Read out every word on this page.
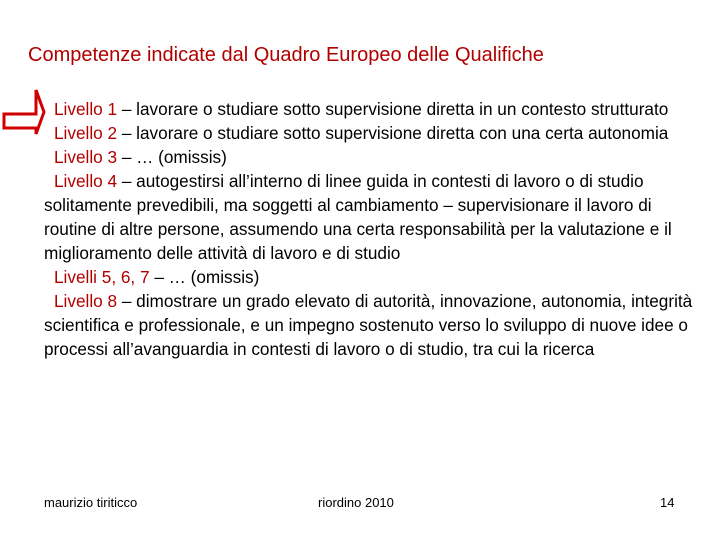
Competenze indicate dal Quadro Europeo delle Qualifiche

Livello 1 – lavorare o studiare sotto supervisione diretta in un contesto strutturato

Livello 2 – lavorare o studiare sotto supervisione diretta con una certa autonomia

Livello 3 – … (omissis)

Livello 4 – autogestirsi all’interno di linee guida in contesti di lavoro o di studio solitamente prevedibili, ma soggetti al cambiamento – supervisionare il lavoro di routine di altre persone, assumendo una certa responsabilità per la valutazione e il miglioramento delle attività di lavoro e di studio

Livelli 5, 6, 7 – … (omissis)

Livello 8 – dimostrare un grado elevato di autorità, innovazione, autonomia, integrità scientifica e professionale, e un impegno sostenuto verso lo sviluppo di nuove idee o processi all’avanguardia in contesti di lavoro o di studio, tra cui la ricerca

maurizio tiriticco	riordino 2010	14
